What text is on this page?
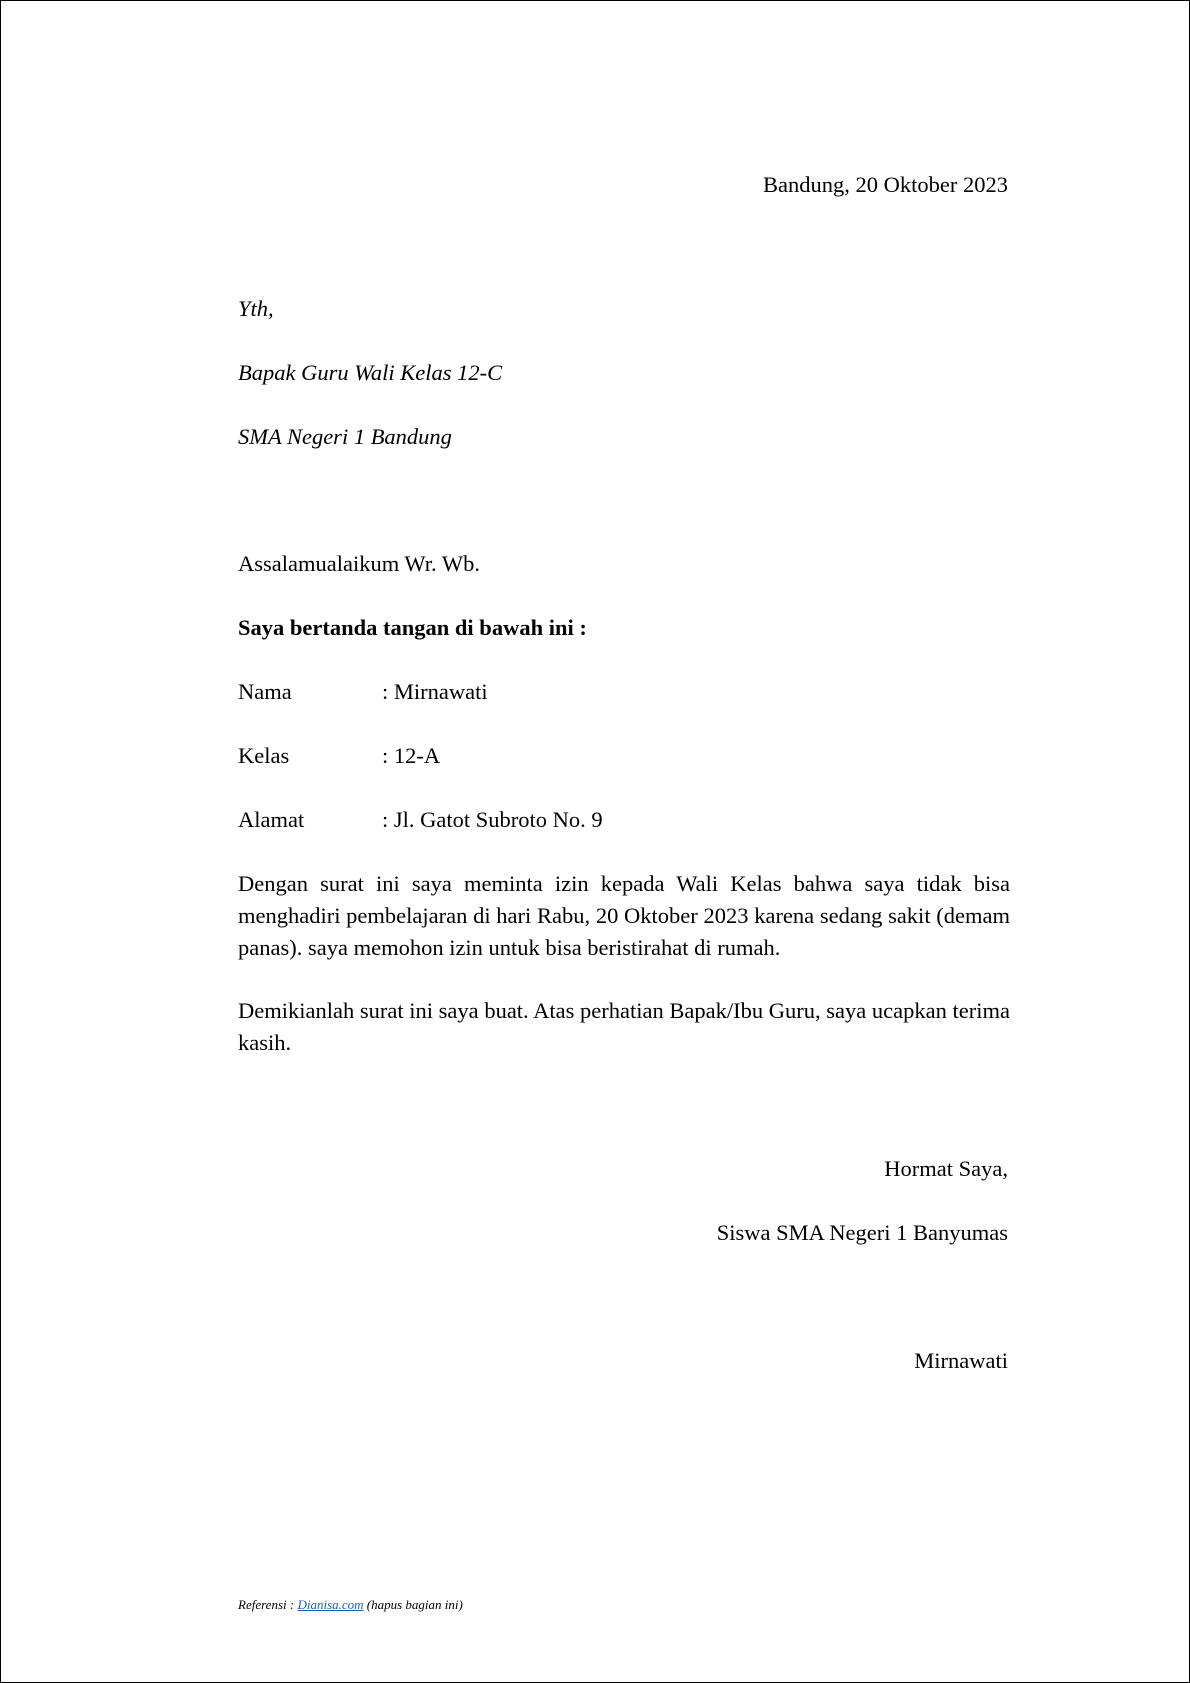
Bandung, 20 Oktober 2023
Yth,
Bapak Guru Wali Kelas 12-C
SMA Negeri 1 Bandung
Assalamualaikum Wr. Wb.
Saya bertanda tangan di bawah ini :
Nama	: Mirnawati
Kelas	: 12-A
Alamat	: Jl. Gatot Subroto No. 9
Dengan surat ini saya meminta izin kepada Wali Kelas bahwa saya tidak bisa menghadiri pembelajaran di hari Rabu, 20 Oktober 2023 karena sedang sakit (demam panas). saya memohon izin untuk bisa beristirahat di rumah.
Demikianlah surat ini saya buat. Atas perhatian Bapak/Ibu Guru, saya ucapkan terima kasih.
Hormat Saya,
Siswa SMA Negeri 1 Banyumas
Mirnawati
Referensi : Dianisa.com (hapus bagian ini)
